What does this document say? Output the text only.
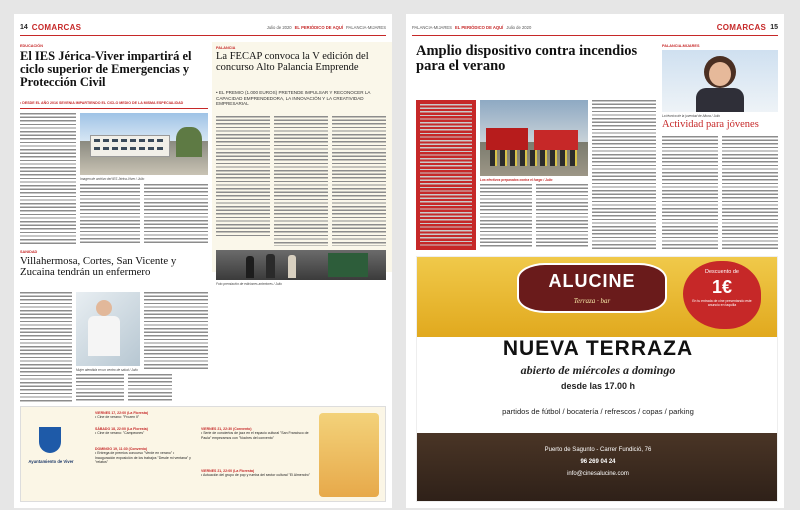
14 COMARCAS	Julio de 2020 EL PERIÓDICO DE AQUÍ PALANCIA-MIJARES
EDUCACIÓN
El IES Jérica-Viver impartirá el ciclo superior de Emergencias y Protección Civil
• DESDE EL AÑO 2016 SEVENIA IMPARTIENDO EL CICLO MEDIO DE LA MISMA ESPECIALIDAD
Imagen de archivo del IES Jérica-Viver / Julio
PALANCIA
La FECAP convoca la V edición del concurso Alto Palancia Emprende
• EL PREMIO (1.000 EUROS) PRETENDE IMPULSAR Y RECONOCER LA CAPACIDAD EMPRENDEDORA, LA INNOVACIÓN Y LA CREATIVIDAD EMPRESARIAL
Foto premiación de ediciones anteriores / Julio
SANIDAD
Villahermosa, Cortes, San Vicente y Zucaina tendrán un enfermero
Mujer atendida en un centro de salud / Julio
Ayuntamiento de Viver
VIERNES 17, 22:00 (La Floresta)
• Cine de verano: "Frozen II"
SÁBADO 18, 22:00 (La Floresta)
• Cine de verano: "Campeones"
DOMINGO 19, 11:30 (Convento)
• Entrega de premios concurso "Verde en verano" • Inauguración exposición de los trabajos "Desde mi ventana" y "relatos"
VIERNES 21, 22:30 (Convento)
• Serie de conciertos de jazz en el espacio cultural "San Francisco de Paula" empezamos con "Noches del convento"
VIERNES 21, 22:00 (La Floresta)
• Actuación del grupo de pop y rumba del sector cultural "El Almendro"
PALANCIA-MIJARES EL PERIÓDICO DE AQUÍ Julio de 2020	COMARCAS 15
Amplio dispositivo contra incendios para el verano
Los efectivos preparados contra el fuego / Julio
PALANCIA-MIJARES
La técnica de la juventud de Altura / Julio
Actividad para jóvenes
ALUCINE
Terraza · bar
Descuento de
1€
En tu entrada de cine presentando este anuncio en taquilla
NUEVA TERRAZA
abierto de miércoles a domingo
desde las 17.00 h
partidos de fútbol / bocatería / refrescos / copas / parking
Puerto de Sagunto - Carrer Fundició, 76
96 269 04 24
info@cinesalucine.com
